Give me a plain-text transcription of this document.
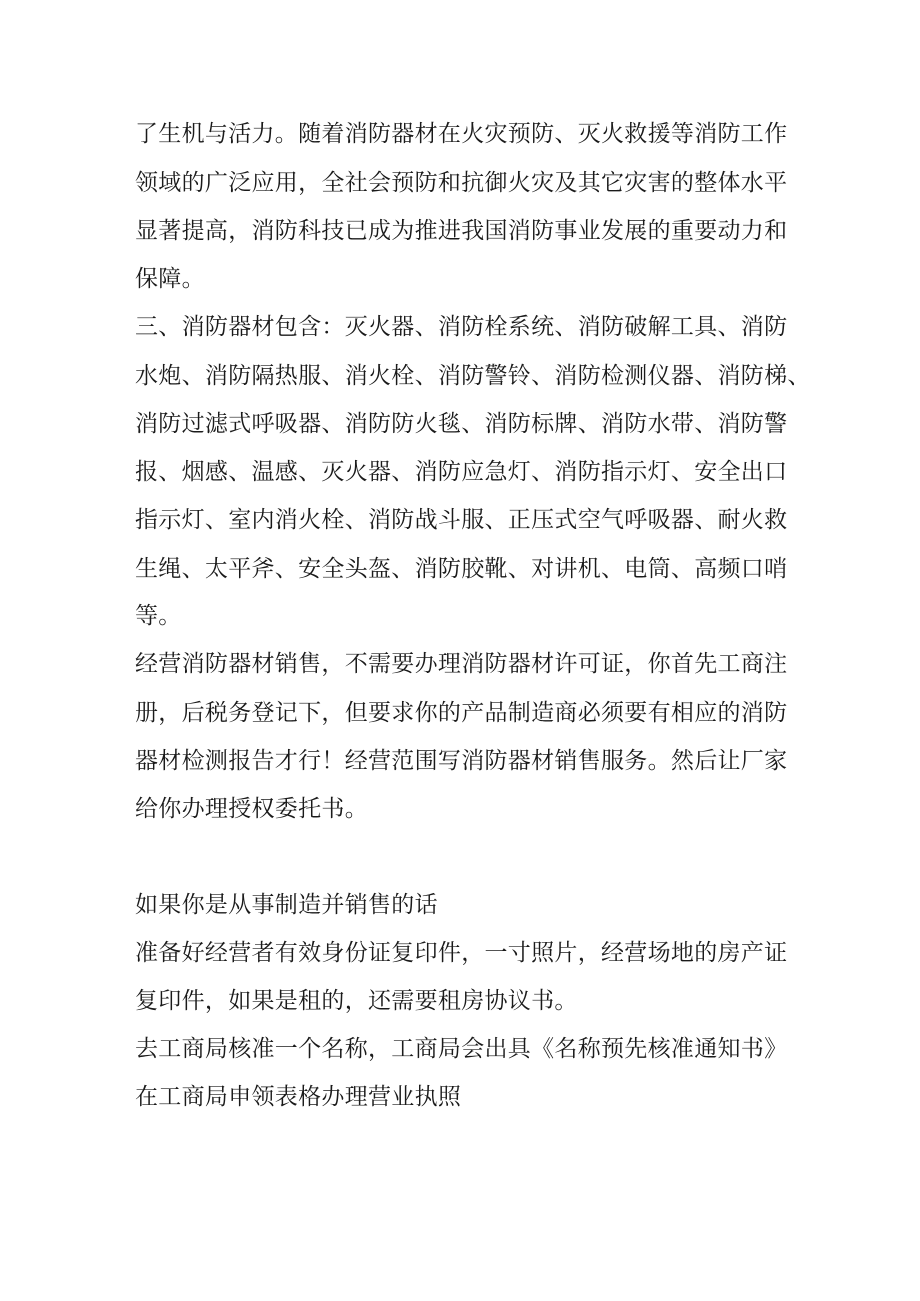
了生机与活力。随着消防器材在火灾预防、灭火救援等消防工作

领域的广泛应用，全社会预防和抗御火灾及其它灾害的整体水平

显著提高，消防科技已成为推进我国消防事业发展的重要动力和

保障。

三、消防器材包含：灭火器、消防栓系统、消防破解工具、消防

水炮、消防隔热服、消火栓、消防警铃、消防检测仪器、消防梯、

消防过滤式呼吸器、消防防火毯、消防标牌、消防水带、消防警

报、烟感、温感、灭火器、消防应急灯、消防指示灯、安全出口

指示灯、室内消火栓、消防战斗服、正压式空气呼吸器、耐火救

生绳、太平斧、安全头盔、消防胶靴、对讲机、电筒、高频口哨

等。

经营消防器材销售，不需要办理消防器材许可证，你首先工商注

册，后税务登记下，但要求你的产品制造商必须要有相应的消防

器材检测报告才行！经营范围写消防器材销售服务。然后让厂家

给你办理授权委托书。

如果你是从事制造并销售的话

准备好经营者有效身份证复印件，一寸照片，经营场地的房产证

复印件，如果是租的，还需要租房协议书。

去工商局核准一个名称，工商局会出具《名称预先核准通知书》

在工商局申领表格办理营业执照
